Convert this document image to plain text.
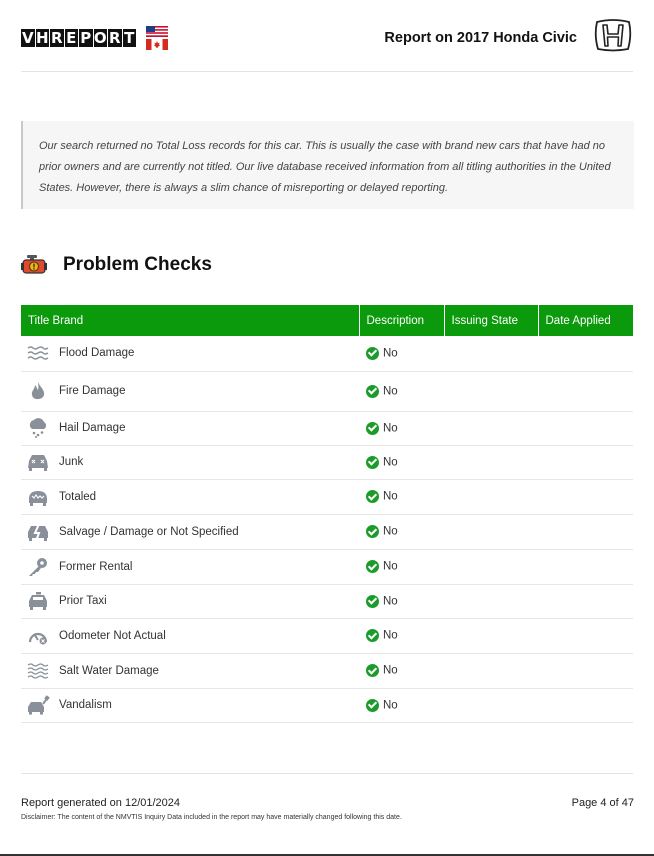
V H R E P O R T	Report on 2017 Honda Civic

Our search returned no Total Loss records for this car. This is usually the case with brand new cars that have had no prior owners and are currently not titled. Our live database received information from all titling authorities in the United States. However, there is always a slim chance of misreporting or delayed reporting.

Problem Checks
Title Brand	Description	Issuing State	Date Applied
Flood Damage	No		
Fire Damage	No		
Hail Damage	No		
Junk	No		
Totaled	No		
Salvage / Damage or Not Specified	No		
Former Rental	No		
Prior Taxi	No		
Odometer Not Actual	No		
Salt Water Damage	No		
Vandalism	No		
Report generated on 12/01/2024	Page 4 of 47
Disclaimer: The content of the NMVTIS Inquiry Data included in the report may have materially changed following this date.
